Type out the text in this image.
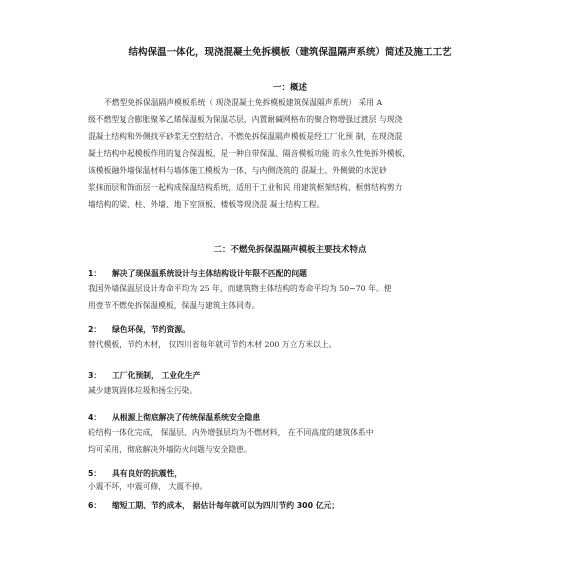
结构保温一体化，现浇混凝土免拆模板（建筑保温隔声系统）简述及施工工艺
一：概述
不燃型免拆保温隔声模板系统（ 现浇混凝土免拆模板建筑保温隔声系统） 采用 A
级不燃型复合膨胀聚苯乙烯保温板为保温芯层，内置耐碱网格布的聚合物增强过渡层 与现浇
混凝土结构和外侧找平砂浆无空腔结合。不燃免拆保温隔声模板是经工厂化预 制，在现浇混
凝土结构中起模板作用的复合保温板，是一种自带保温、隔音模板功能 的永久性免拆外模板，
该模板融外墙保温材料与墙体施工模板为一体，与内侧浇筑的 混凝土、外侧做的水泥砂
浆抹面层和饰面层一起构成保温结构系统，适用于工业和民 用建筑框架结构、框剪结构剪力
墙结构的梁、柱、外墙、地下室顶板、楼板等现浇混 凝土结构工程。
二：不燃免拆保温隔声模板主要技术特点
1： 解决了现保温系统设计与主体结构设计年限不匹配的问题
我国外墙保温层设计寿命平均为 25 年，而建筑物主体结构的寿命平均为 50~70 年。使
用壹节不燃免拆保温模板，保温与建筑主体同寿。
2： 绿色环保，节约资源。
替代模板，节约木材， 仅四川省每年就可节约木材 200 万立方米以上。
3： 工厂化预制， 工业化生产
减少建筑固体垃圾和扬尘污染。
4： 从根源上彻底解决了传统保温系统安全隐患
砼结构一体化完成， 保温层、内外增强层均为不燃材料， 在不同高度的建筑体系中
均可采用，彻底解决外墙防火问题与安全隐患。
5： 具有良好的抗震性，
小震不坏，中震可修， 大震不掉。
6： 缩短工期、节约成本， 据估计每年就可以为四川节约 300 亿元；
